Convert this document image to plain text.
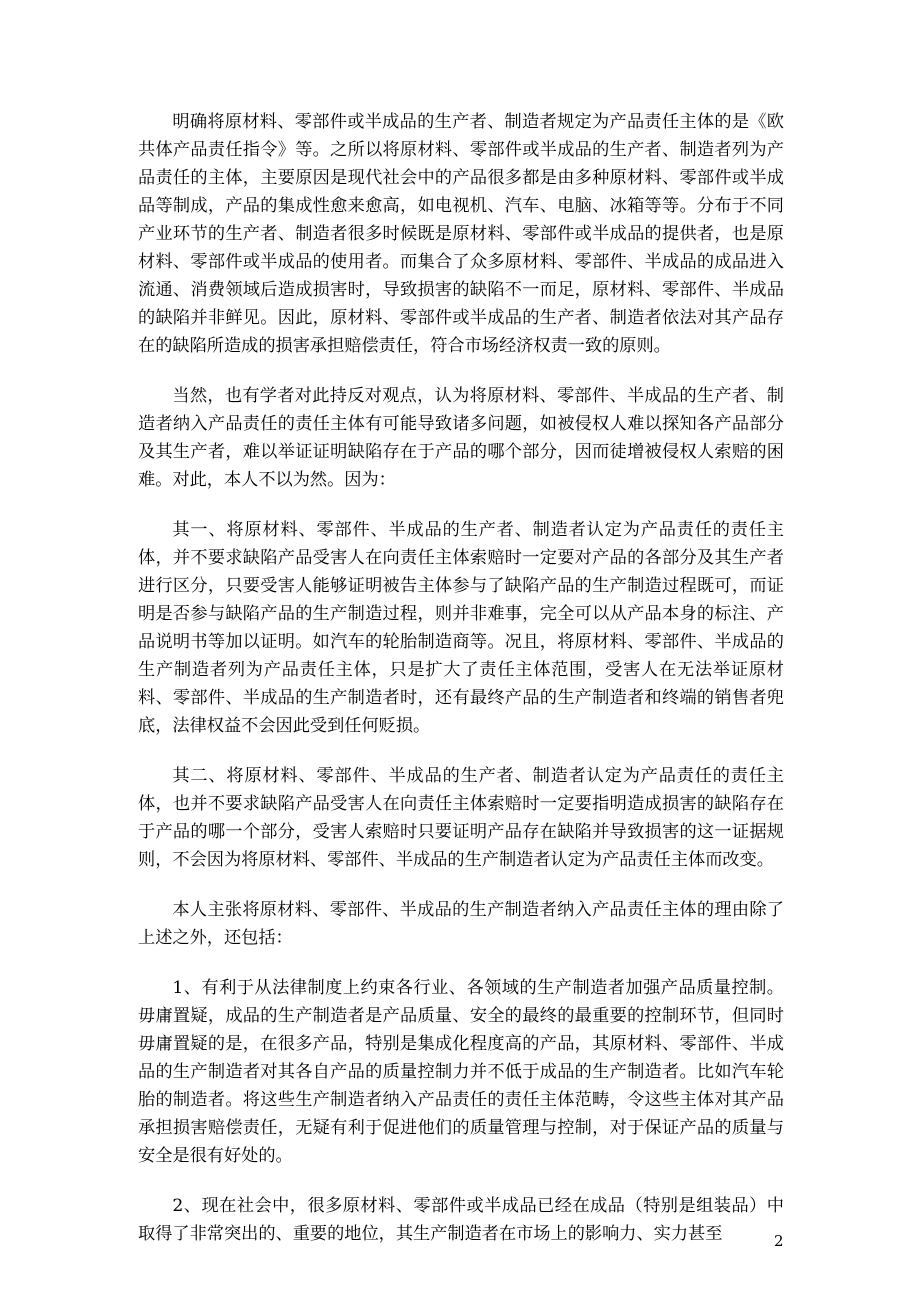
明确将原材料、零部件或半成品的生产者、制造者规定为产品责任主体的是《欧共体产品责任指令》等。之所以将原材料、零部件或半成品的生产者、制造者列为产品责任的主体，主要原因是现代社会中的产品很多都是由多种原材料、零部件或半成品等制成，产品的集成性愈来愈高，如电视机、汽车、电脑、冰箱等等。分布于不同产业环节的生产者、制造者很多时候既是原材料、零部件或半成品的提供者，也是原材料、零部件或半成品的使用者。而集合了众多原材料、零部件、半成品的成品进入流通、消费领域后造成损害时，导致损害的缺陷不一而足，原材料、零部件、半成品的缺陷并非鲜见。因此，原材料、零部件或半成品的生产者、制造者依法对其产品存在的缺陷所造成的损害承担赔偿责任，符合市场经济权责一致的原则。

当然，也有学者对此持反对观点，认为将原材料、零部件、半成品的生产者、制造者纳入产品责任的责任主体有可能导致诸多问题，如被侵权人难以探知各产品部分及其生产者，难以举证证明缺陷存在于产品的哪个部分，因而徒增被侵权人索赔的困难。对此，本人不以为然。因为：

其一、将原材料、零部件、半成品的生产者、制造者认定为产品责任的责任主体，并不要求缺陷产品受害人在向责任主体索赔时一定要对产品的各部分及其生产者进行区分，只要受害人能够证明被告主体参与了缺陷产品的生产制造过程既可，而证明是否参与缺陷产品的生产制造过程，则并非难事，完全可以从产品本身的标注、产品说明书等加以证明。如汽车的轮胎制造商等。况且，将原材料、零部件、半成品的生产制造者列为产品责任主体，只是扩大了责任主体范围，受害人在无法举证原材料、零部件、半成品的生产制造者时，还有最终产品的生产制造者和终端的销售者兜底，法律权益不会因此受到任何贬损。

其二、将原材料、零部件、半成品的生产者、制造者认定为产品责任的责任主体，也并不要求缺陷产品受害人在向责任主体索赔时一定要指明造成损害的缺陷存在于产品的哪一个部分，受害人索赔时只要证明产品存在缺陷并导致损害的这一证据规则，不会因为将原材料、零部件、半成品的生产制造者认定为产品责任主体而改变。

本人主张将原材料、零部件、半成品的生产制造者纳入产品责任主体的理由除了上述之外，还包括：

1、有利于从法律制度上约束各行业、各领域的生产制造者加强产品质量控制。毋庸置疑，成品的生产制造者是产品质量、安全的最终的最重要的控制环节，但同时毋庸置疑的是，在很多产品，特别是集成化程度高的产品，其原材料、零部件、半成品的生产制造者对其各自产品的质量控制力并不低于成品的生产制造者。比如汽车轮胎的制造者。将这些生产制造者纳入产品责任的责任主体范畴，令这些主体对其产品承担损害赔偿责任，无疑有利于促进他们的质量管理与控制，对于保证产品的质量与安全是很有好处的。

2、现在社会中，很多原材料、零部件或半成品已经在成品（特别是组装品）中取得了非常突出的、重要的地位，其生产制造者在市场上的影响力、实力甚至	2
